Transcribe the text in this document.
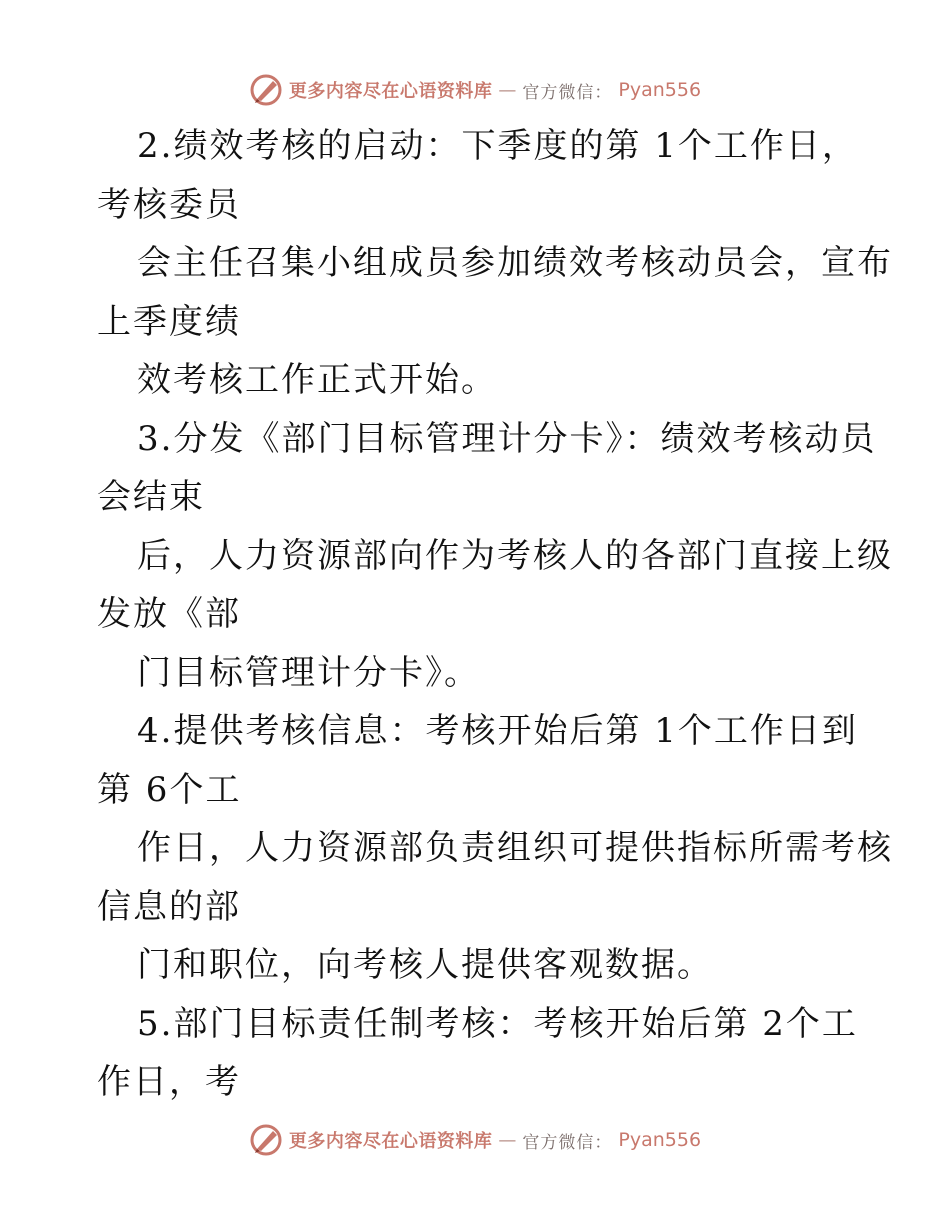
更多内容尽在心语资料库 — 官方微信： Pyan556
2.绩效考核的启动：下季度的第 1个工作日，
考核委员
会主任召集小组成员参加绩效考核动员会，宣布
上季度绩
效考核工作正式开始。
3.分发《部门目标管理计分卡》：绩效考核动员
会结束
后，人力资源部向作为考核人的各部门直接上级
发放《部
门目标管理计分卡》。
4.提供考核信息：考核开始后第 1个工作日到
第 6个工
作日，人力资源部负责组织可提供指标所需考核
信息的部
门和职位，向考核人提供客观数据。
5.部门目标责任制考核：考核开始后第 2个工
作日，考
更多内容尽在心语资料库 — 官方微信： Pyan556
